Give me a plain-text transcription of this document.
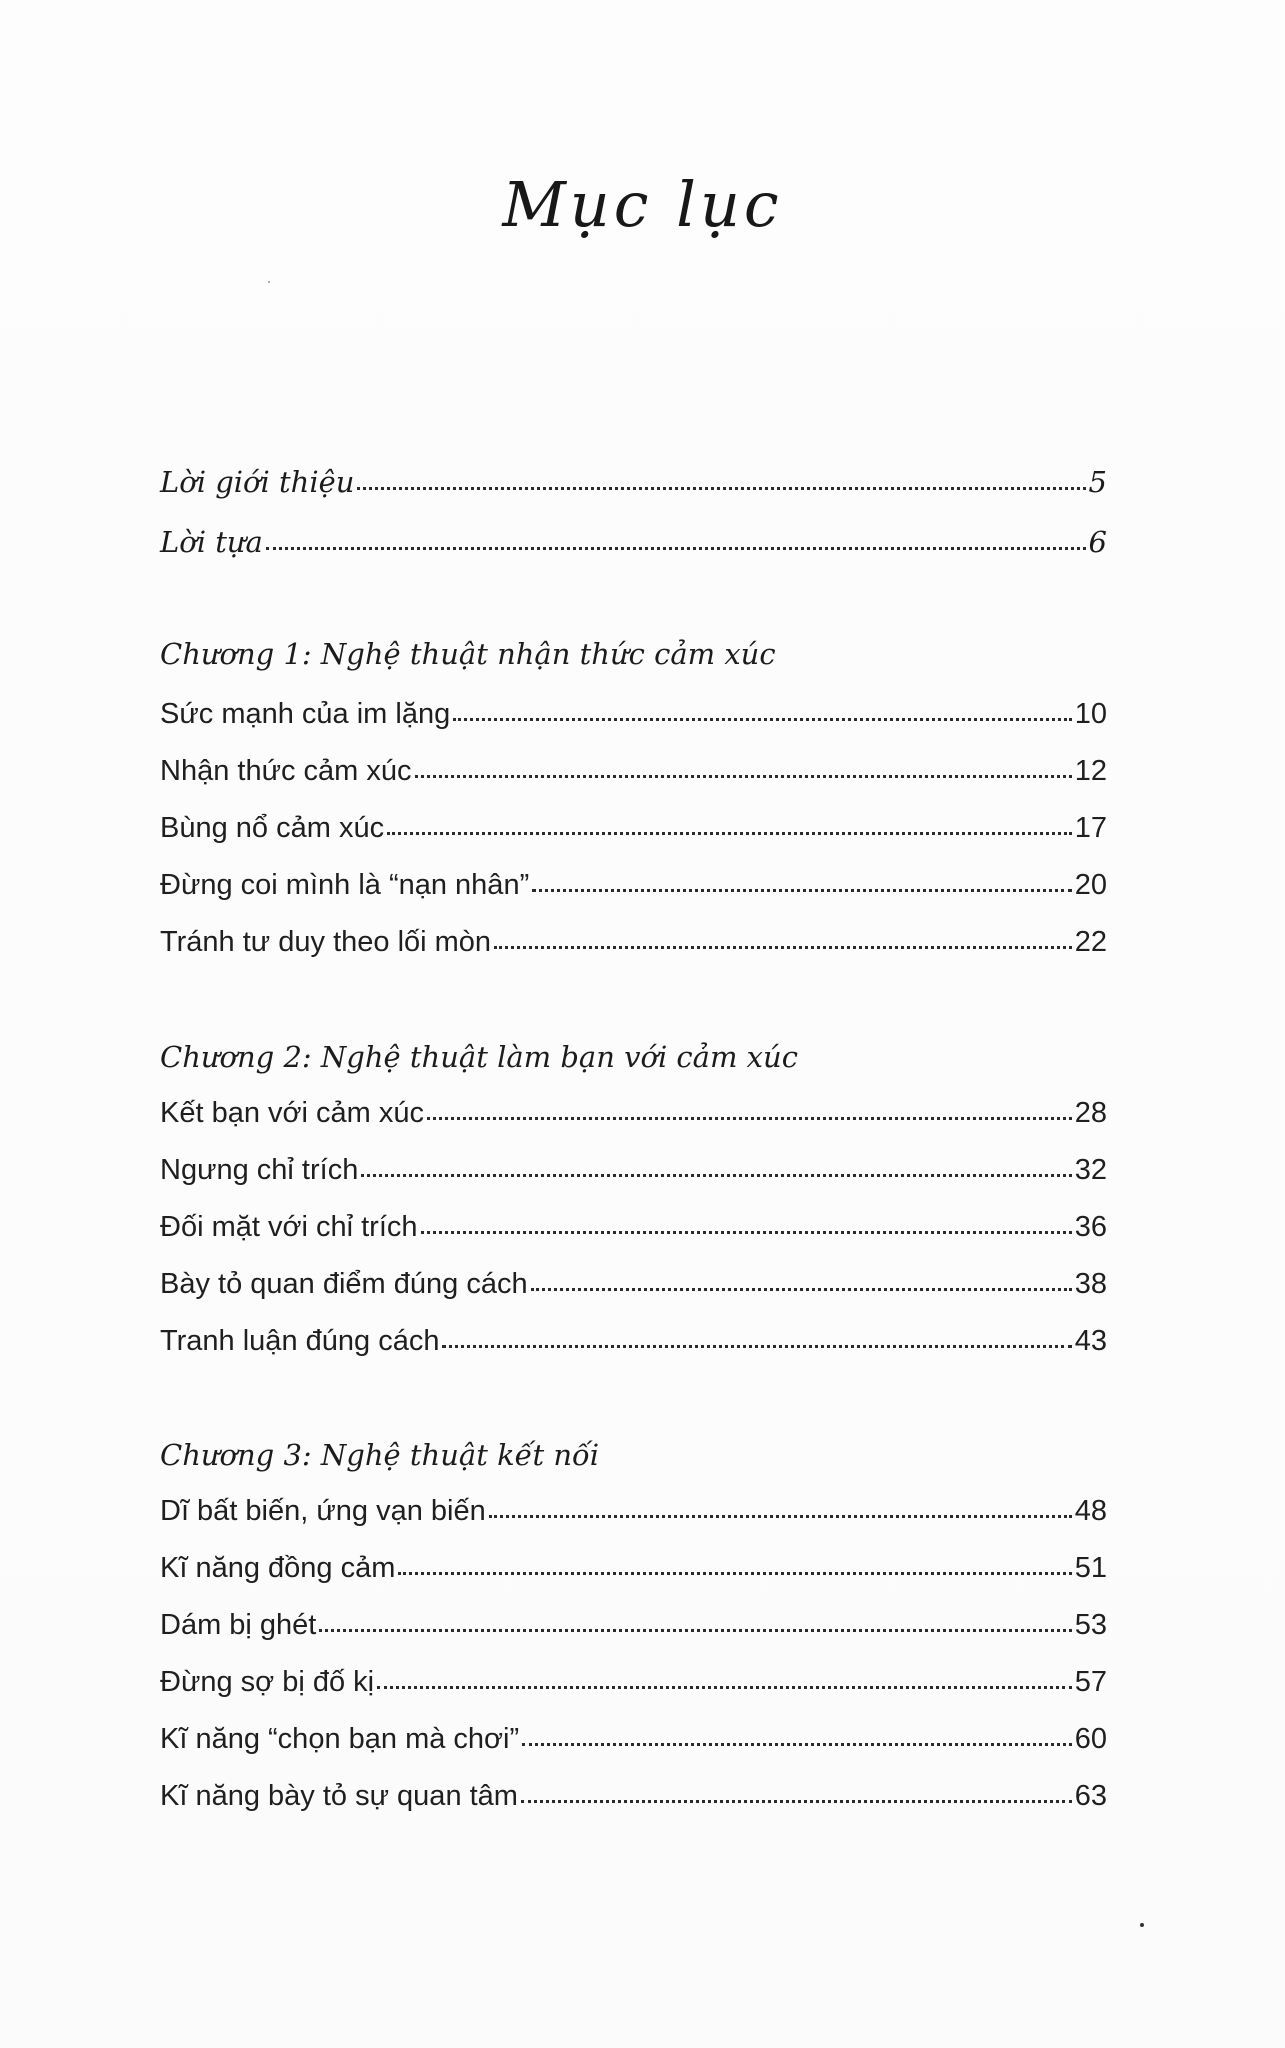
Mục lục
Lời giới thiệu	5
Lời tựa	6
Chương 1: Nghệ thuật nhận thức cảm xúc
Sức mạnh của im lặng	10
Nhận thức cảm xúc	12
Bùng nổ cảm xúc	17
Đừng coi mình là “nạn nhân”	20
Tránh tư duy theo lối mòn	22
Chương 2: Nghệ thuật làm bạn với cảm xúc
Kết bạn với cảm xúc	28
Ngưng chỉ trích	32
Đối mặt với chỉ trích	36
Bày tỏ quan điểm đúng cách	38
Tranh luận đúng cách	43
Chương 3: Nghệ thuật kết nối
Dĩ bất biến, ứng vạn biến	48
Kĩ năng đồng cảm	51
Dám bị ghét	53
Đừng sợ bị đố kị	57
Kĩ năng “chọn bạn mà chơi”	60
Kĩ năng bày tỏ sự quan tâm	63
